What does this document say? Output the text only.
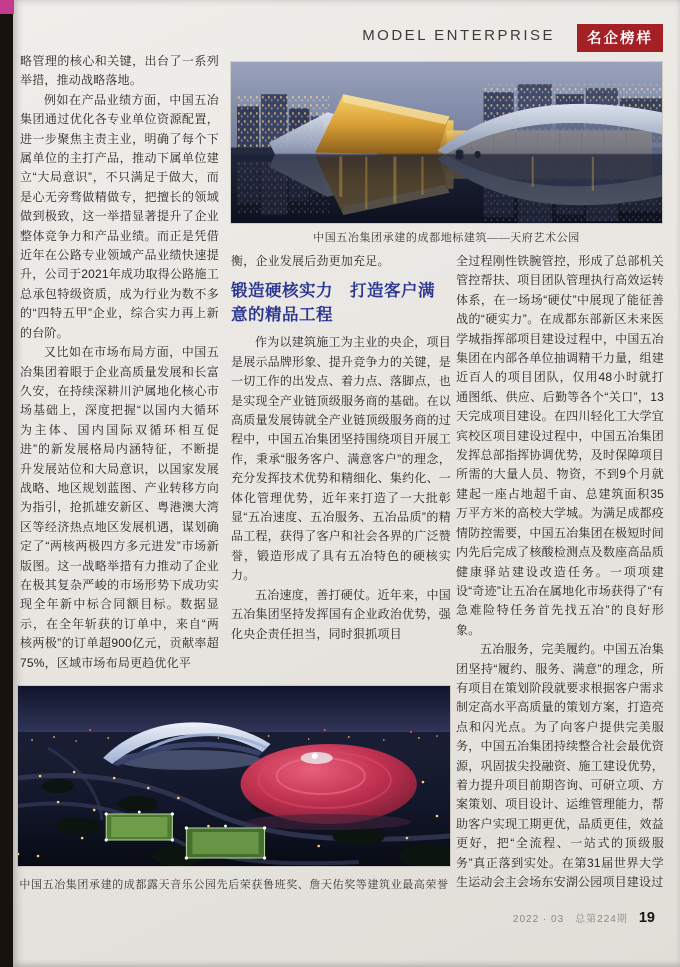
MODEL ENTERPRISE	名企榜样

略管理的核心和关键，出台了一系列举措，推动战略落地。

例如在产品业绩方面，中国五冶集团通过优化各专业单位资源配置，进一步聚焦主责主业，明确了每个下属单位的主打产品，推动下属单位建立“大局意识”，不只满足于做大，而是心无旁骛做精做专，把擅长的领域做到极致，这一举措显著提升了企业整体竞争力和产品业绩。而正是凭借近年在公路专业领域产品业绩快速提升，公司于2021年成功取得公路施工总承包特级资质，成为行业为数不多的“四特五甲”企业，综合实力再上新的台阶。

又比如在市场布局方面，中国五冶集团着眼于企业高质量发展和长富久安，在持续深耕川沪属地化核心市场基础上，深度把握“以国内大循环为主体、国内国际双循环相互促进”的新发展格局内涵特征，不断提升发展站位和大局意识，以国家发展战略、地区规划蓝图、产业转移方向为指引，抢抓雄安新区、粤港澳大湾区等经济热点地区发展机遇，谋划确定了“两核两极四方多元进发”市场新版图。这一战略举措有力推动了企业在极其复杂严峻的市场形势下成功实现全年新中标合同额目标。数据显示，在全年斩获的订单中，来自“两核两极”的订单超900亿元，贡献率超75%，区域市场布局更趋优化平

中国五冶集团承建的成都地标建筑——天府艺术公园

衡，企业发展后劲更加充足。

锻造硬核实力　打造客户满意的精品工程

作为以建筑施工为主业的央企，项目是展示品牌形象、提升竞争力的关键，是一切工作的出发点、着力点、落脚点，也是实现全产业链顶级服务商的基础。在以高质量发展铸就全产业链顶级服务商的过程中，中国五冶集团坚持围绕项目开展工作，秉承“服务客户、满意客户”的理念，充分发挥技术优势和精细化、集约化、一体化管理优势，近年来打造了一大批彰显“五冶速度、五冶服务、五冶品质”的精品工程，获得了客户和社会各界的广泛赞誉，锻造形成了具有五冶特色的硬核实力。

五冶速度，善打硬仗。近年来，中国五冶集团坚持发挥国有企业政治优势，强化央企责任担当，同时狠抓项目

全过程刚性铁腕管控，形成了总部机关管控帮扶、项目团队管理执行高效运转体系，在一场场“硬仗”中展现了能征善战的“硬实力”。在成都东部新区未来医学城指挥部项目建设过程中，中国五冶集团在内部各单位抽调精干力量，组建近百人的项目团队，仅用48小时就打通图纸、供应、后勤等各个“关口”，13天完成项目建设。在四川轻化工大学宜宾校区项目建设过程中，中国五冶集团发挥总部指挥协调优势，及时保障项目所需的大量人员、物资，不到9个月就建起一座占地超千亩、总建筑面积35万平方米的高校大学城。为满足成都疫情防控需要，中国五冶集团在极短时间内先后完成了核酸检测点及数座高品质健康驿站建设改造任务。一项项建设“奇迹”让五冶在属地化市场获得了“有急难险特任务首先找五冶”的良好形象。

五冶服务，完美履约。中国五冶集团坚持“履约、服务、满意”的理念，所有项目在策划阶段就要求根据客户需求制定高水平高质量的策划方案，打造亮点和闪光点。为了向客户提供完美服务，中国五冶集团持续整合社会最优资源，巩固拔尖投融资、施工建设优势，着力提升项目前期咨询、可研立项、方案策划、项目设计、运维管理能力，帮助客户实现工期更优，品质更佳，效益更好，把“全流程、一站式的顶级服务”真正落到实处。在第31届世界大学生运动会主会场东安湖公园项目建设过

中国五冶集团承建的成都露天音乐公园先后荣获鲁班奖、詹天佑奖等建筑业最高荣誉
2022 · 03 总第224期 19
